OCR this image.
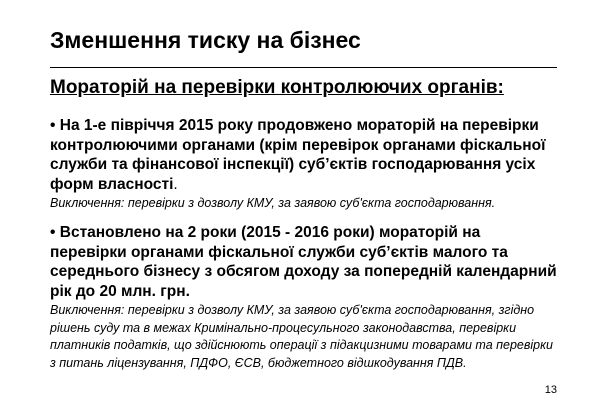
Зменшення тиску на бізнес
Мораторій на перевірки контролюючих органів:

• На 1-е півріччя 2015 року продовжено мораторій на перевірки контролюючими органами (крім перевірок органами фіскальної служби та фінансової інспекції) суб’єктів господарювання усіх форм власності.

Виключення: перевірки з дозволу КМУ, за заявою суб'єкта господарювання.

• Встановлено на 2 роки (2015 - 2016 роки) мораторій на перевірки органами фіскальної служби суб’єктів малого та середнього бізнесу з обсягом доходу за попередній календарний рік до 20 млн. грн.

Виключення: перевірки з дозволу КМУ, за заявою суб'єкта господарювання, згідно рішень суду та в межах Кримінально-процесульного законодавства, перевірки платників податків, що здійснюють операції з підакцизними товарами та перевірки з питань ліцензування, ПДФО, ЄСВ, бюджетного відшкодування ПДВ.

13
